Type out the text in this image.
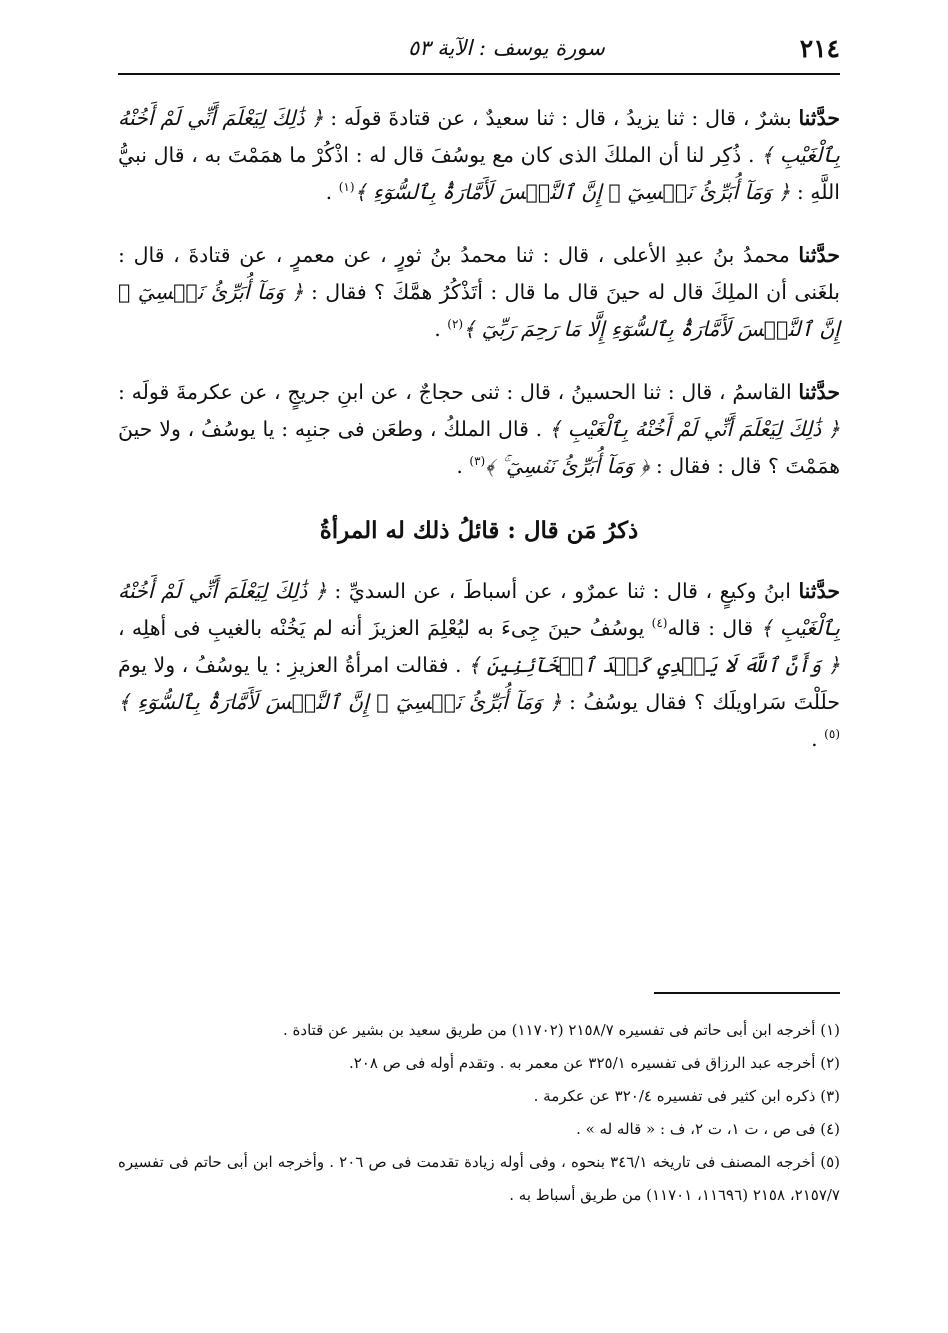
٢١٤
سورة يوسف : الآية ٥٣

حدَّثنا بشرٌ ، قال : ثنا يزيدُ ، قال : ثنا سعيدٌ ، عن قتادةَ قولَه : ﴿ ذَٰلِكَ لِيَعْلَمَ أَنِّي لَمْ أَخُنْهُ بِٱلْغَيْبِ ﴾ . ذُكِر لنا أن الملكَ الذى كان مع يوسُفَ قال له : اذْكُرْ ما همَمْتَ به ، قال نبيُّ اللَّهِ : ﴿ وَمَآ أُبَرِّئُ نَفۡسِيٓ ۚ إِنَّ ٱلنَّفۡسَ لَأَمَّارَةُۢ بِٱلسُّوٓءِ ﴾$^{(١)}$ .

حدَّثنا محمدُ بنُ عبدِ الأعلى ، قال : ثنا محمدُ بنُ ثورٍ ، عن معمرٍ ، عن قتادةَ ، قال : بلغَنى أن الملِكَ قال له حينَ قال ما قال : أتَذْكُرُ همَّكَ ؟ فقال : ﴿ وَمَآ أُبَرِّئُ نَفۡسِيٓ ۚ إِنَّ ٱلنَّفۡسَ لَأَمَّارَةُۢ بِٱلسُّوٓءِ إِلَّا مَا رَحِمَ رَبِّيٓ ﴾$^{(٢)}$ .

حدَّثنا القاسمُ ، قال : ثنا الحسينُ ، قال : ثنى حجاجٌ ، عن ابنِ جريجٍ ، عن عكرمةَ قولَه : ﴿ ذَٰلِكَ لِيَعْلَمَ أَنِّي لَمْ أَخُنْهُ بِٱلْغَيْبِ ﴾ . قال الملكُ ، وطعَن فى جنبِه : يا يوسُفُ ، ولا حينَ همَمْتَ ؟ قال : فقال : ﴿ وَمَآ أُبَرِّئُ نَفۡسِيٓ ۚ ﴾$^{(٣)}$ .

ذكرُ مَن قال : قائلُ ذلك له المرأةُ

حدَّثنا ابنُ وكيعٍ ، قال : ثنا عمرٌو ، عن أسباطَ ، عن السديِّ : ﴿ ذَٰلِكَ لِيَعْلَمَ أَنِّي لَمْ أَخُنْهُ بِٱلْغَيْبِ ﴾ قال : قاله$^{(٤)}$ يوسُفُ حينَ جِىءَ به ليُعْلِمَ العزيزَ أنه لم يَخُنْه بالغيبِ فى أهلِه ، ﴿ وَأَنَّ ٱللَّهَ لَا يَهۡدِي كَيۡدَ ٱلۡخَآئِنِينَ ﴾ . فقالت امرأةُ العزيزِ : يا يوسُفُ ، ولا يومَ حلَلْتَ سَراويلَك ؟ فقال يوسُفُ : ﴿ وَمَآ أُبَرِّئُ نَفۡسِيٓ ۚ إِنَّ ٱلنَّفۡسَ لَأَمَّارَةُۢ بِٱلسُّوٓءِ ﴾$^{(٥)}$ .

(١) أخرجه ابن أبى حاتم فى تفسيره ٢١٥٨/٧ (١١٧٠٢) من طريق سعيد بن بشير عن قتادة .

(٢) أخرجه عبد الرزاق فى تفسيره ٣٢٥/١ عن معمر به . وتقدم أوله فى ص ٢٠٨.

(٣) ذكره ابن كثير فى تفسيره ٣٢٠/٤ عن عكرمة .

(٤) فى ص ، ت ١، ت ٢، ف : « قاله له » .

(٥) أخرجه المصنف فى تاريخه ٣٤٦/١ بنحوه ، وفى أوله زيادة تقدمت فى ص ٢٠٦ . وأخرجه ابن أبى حاتم فى تفسيره ٢١٥٧/٧، ٢١٥٨ (١١٦٩٦، ١١٧٠١) من طريق أسباط به .
